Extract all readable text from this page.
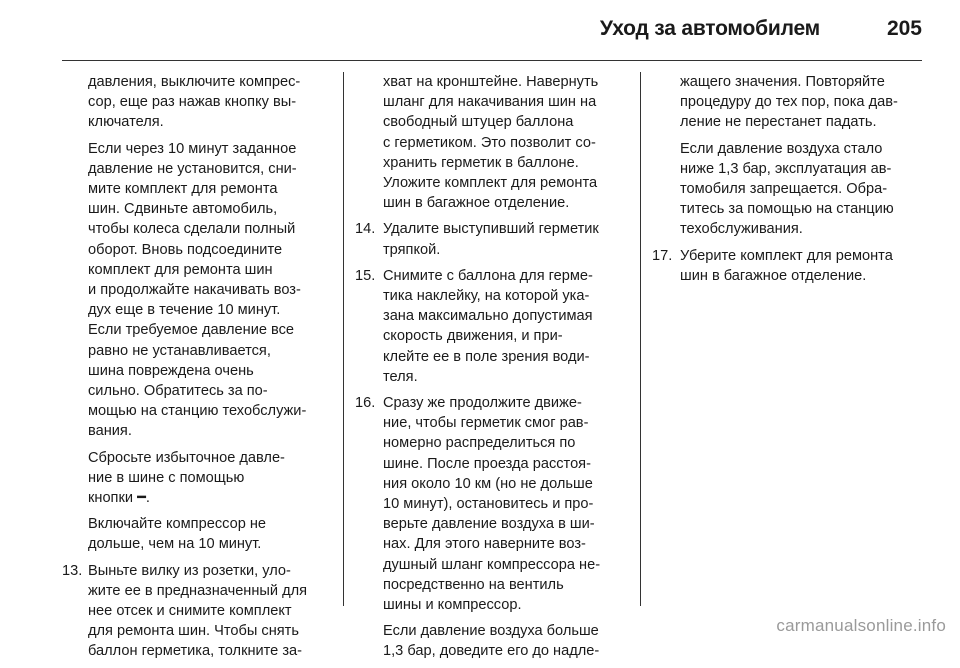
Уход за автомобилем	205
давления, выключите компрес-
сор, еще раз нажав кнопку вы-
ключателя.
Если через 10 минут заданное
давление не установится, сни-
мите комплект для ремонта
шин. Сдвиньте автомобиль,
чтобы колеса сделали полный
оборот. Вновь подсоедините
комплект для ремонта шин
и продолжайте накачивать воз-
дух еще в течение 10 минут.
Если требуемое давление все
равно не устанавливается,
шина повреждена очень
сильно. Обратитесь за по-
мощью на станцию техобслужи-
вания.
Сбросьте избыточное давле-
ние в шине с помощью
кнопки ━.
Включайте компрессор не
дольше, чем на 10 минут.
13. Выньте вилку из розетки, уло-
жите ее в предназначенный для
нее отсек и снимите комплект
для ремонта шин. Чтобы снять
баллон герметика, толкните за-
хват на кронштейне. Навернуть
шланг для накачивания шин на
свободный штуцер баллона
с герметиком. Это позволит со-
хранить герметик в баллоне.
Уложите комплект для ремонта
шин в багажное отделение.
14. Удалите выступивший герметик
тряпкой.
15. Снимите с баллона для герме-
тика наклейку, на которой ука-
зана максимально допустимая
скорость движения, и при-
клейте ее в поле зрения води-
теля.
16. Сразу же продолжите движе-
ние, чтобы герметик смог рав-
номерно распределиться по
шине. После проезда расстоя-
ния около 10 км (но не дольше
10 минут), остановитесь и про-
верьте давление воздуха в ши-
нах. Для этого наверните воз-
душный шланг компрессора не-
посредственно на вентиль
шины и компрессор.
Если давление воздуха больше
1,3 бар, доведите его до надле-
жащего значения. Повторяйте
процедуру до тех пор, пока дав-
ление не перестанет падать.
Если давление воздуха стало
ниже 1,3 бар, эксплуатация ав-
томобиля запрещается. Обра-
титесь за помощью на станцию
техобслуживания.
17. Уберите комплект для ремонта
шин в багажное отделение.
carmanualsonline.info
